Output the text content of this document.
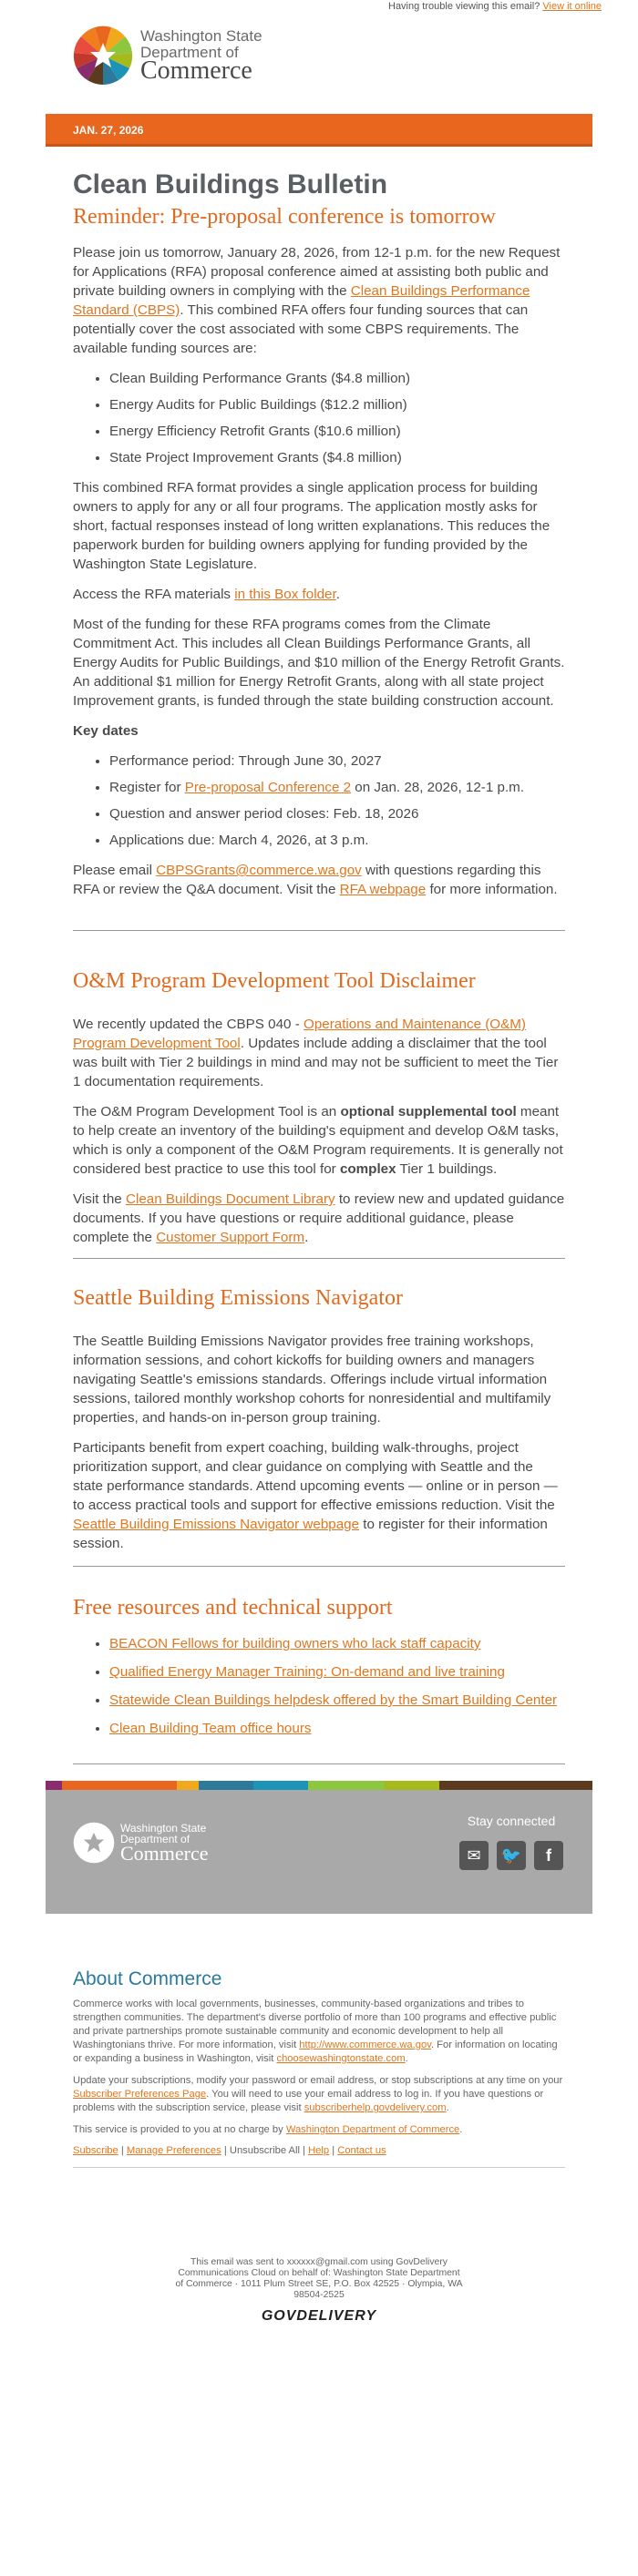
Having trouble viewing this email? View it online
Washington State
Department of
Commerce
JAN. 27, 2026
Clean Buildings Bulletin
Reminder: Pre-proposal conference is tomorrow

Please join us tomorrow, January 28, 2026, from 12-1 p.m. for the new Request for Applications (RFA) proposal conference aimed at assisting both public and private building owners in complying with the Clean Buildings Performance Standard (CBPS). This combined RFA offers four funding sources that can potentially cover the cost associated with some CBPS requirements. The available funding sources are:

• Clean Building Performance Grants ($4.8 million)
• Energy Audits for Public Buildings ($12.2 million)
• Energy Efficiency Retrofit Grants ($10.6 million)
• State Project Improvement Grants ($4.8 million)

This combined RFA format provides a single application process for building owners to apply for any or all four programs. The application mostly asks for short, factual responses instead of long written explanations. This reduces the paperwork burden for building owners applying for funding provided by the Washington State Legislature.

Access the RFA materials in this Box folder.

Most of the funding for these RFA programs comes from the Climate Commitment Act. This includes all Clean Buildings Performance Grants, all Energy Audits for Public Buildings, and $10 million of the Energy Retrofit Grants. An additional $1 million for Energy Retrofit Grants, along with all state project Improvement grants, is funded through the state building construction account.

Key dates

• Performance period: Through June 30, 2027
• Register for Pre-proposal Conference 2 on Jan. 28, 2026, 12-1 p.m.
• Question and answer period closes: Feb. 18, 2026
• Applications due: March 4, 2026, at 3 p.m.

Please email CBPSGrants@commerce.wa.gov with questions regarding this RFA or review the Q&A document. Visit the RFA webpage for more information.

O&M Program Development Tool Disclaimer

We recently updated the CBPS 040 - Operations and Maintenance (O&M) Program Development Tool. Updates include adding a disclaimer that the tool was built with Tier 2 buildings in mind and may not be sufficient to meet the Tier 1 documentation requirements.

The O&M Program Development Tool is an optional supplemental tool meant to help create an inventory of the building's equipment and develop O&M tasks, which is only a component of the O&M Program requirements. It is generally not considered best practice to use this tool for complex Tier 1 buildings.

Visit the Clean Buildings Document Library to review new and updated guidance documents. If you have questions or require additional guidance, please complete the Customer Support Form.

Seattle Building Emissions Navigator

The Seattle Building Emissions Navigator provides free training workshops, information sessions, and cohort kickoffs for building owners and managers navigating Seattle's emissions standards. Offerings include virtual information sessions, tailored monthly workshop cohorts for nonresidential and multifamily properties, and hands-on in-person group training.

Participants benefit from expert coaching, building walk-throughs, project prioritization support, and clear guidance on complying with Seattle and the state performance standards. Attend upcoming events — online or in person — to access practical tools and support for effective emissions reduction. Visit the Seattle Building Emissions Navigator webpage to register for their information session.

Free resources and technical support
• BEACON Fellows for building owners who lack staff capacity
• Qualified Energy Manager Training: On-demand and live training
• Statewide Clean Buildings helpdesk offered by the Smart Building Center
• Clean Building Team office hours
Washington State
Department of
Commerce
Stay connected
✉	🐦	f
About Commerce

Commerce works with local governments, businesses, community-based organizations and tribes to strengthen communities. The department's diverse portfolio of more than 100 programs and effective public and private partnerships promote sustainable community and economic development to help all Washingtonians thrive. For more information, visit http://www.commerce.wa.gov. For information on locating or expanding a business in Washington, visit choosewashingtonstate.com.

Update your subscriptions, modify your password or email address, or stop subscriptions at any time on your Subscriber Preferences Page. You will need to use your email address to log in. If you have questions or problems with the subscription service, please visit subscriberhelp.govdelivery.com.

This service is provided to you at no charge by Washington Department of Commerce.

Subscribe | Manage Preferences | Unsubscribe All | Help | Contact us
This email was sent to xxxxxx@gmail.com using GovDelivery Communications Cloud on behalf of: Washington State Department of Commerce · 1011 Plum Street SE, P.O. Box 42525 · Olympia, WA 98504-2525
GOVDELIVERY
